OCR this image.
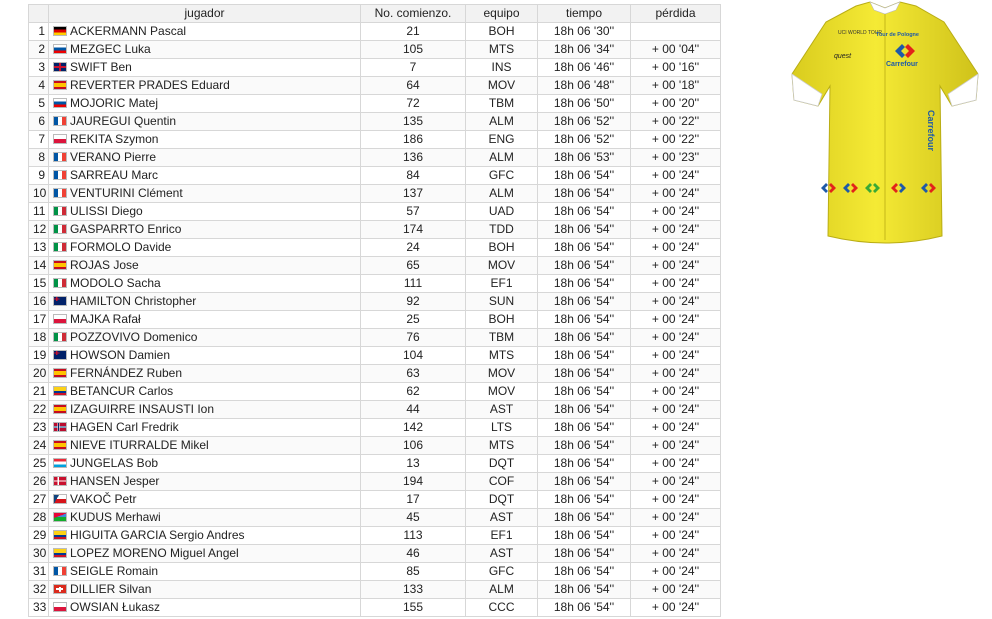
	jugador	No. comienzo.	equipo	tiempo	pérdida
1	ACKERMANN Pascal	21	BOH	18h 06 '30''	
2	MEZGEC Luka	105	MTS	18h 06 '34''	+ 00 '04''
3	SWIFT Ben	7	INS	18h 06 '46''	+ 00 '16''
4	REVERTER PRADES Eduard	64	MOV	18h 06 '48''	+ 00 '18''
5	MOJORIC Matej	72	TBM	18h 06 '50''	+ 00 '20''
6	JAUREGUI Quentin	135	ALM	18h 06 '52''	+ 00 '22''
7	REKITA Szymon	186	ENG	18h 06 '52''	+ 00 '22''
8	VERANO Pierre	136	ALM	18h 06 '53''	+ 00 '23''
9	SARREAU Marc	84	GFC	18h 06 '54''	+ 00 '24''
10	VENTURINI Clément	137	ALM	18h 06 '54''	+ 00 '24''
11	ULISSI Diego	57	UAD	18h 06 '54''	+ 00 '24''
12	GASPARRTO Enrico	174	TDD	18h 06 '54''	+ 00 '24''
13	FORMOLO Davide	24	BOH	18h 06 '54''	+ 00 '24''
14	ROJAS Jose	65	MOV	18h 06 '54''	+ 00 '24''
15	MODOLO Sacha	111	EF1	18h 06 '54''	+ 00 '24''
16	HAMILTON Christopher	92	SUN	18h 06 '54''	+ 00 '24''
17	MAJKA Rafał	25	BOH	18h 06 '54''	+ 00 '24''
18	POZZOVIVO Domenico	76	TBM	18h 06 '54''	+ 00 '24''
19	HOWSON Damien	104	MTS	18h 06 '54''	+ 00 '24''
20	FERNÁNDEZ Ruben	63	MOV	18h 06 '54''	+ 00 '24''
21	BETANCUR Carlos	62	MOV	18h 06 '54''	+ 00 '24''
22	IZAGUIRRE INSAUSTI Ion	44	AST	18h 06 '54''	+ 00 '24''
23	HAGEN Carl Fredrik	142	LTS	18h 06 '54''	+ 00 '24''
24	NIEVE ITURRALDE Mikel	106	MTS	18h 06 '54''	+ 00 '24''
25	JUNGELAS Bob	13	DQT	18h 06 '54''	+ 00 '24''
26	HANSEN Jesper	194	COF	18h 06 '54''	+ 00 '24''
27	VAKOČ Petr	17	DQT	18h 06 '54''	+ 00 '24''
28	KUDUS Merhawi	45	AST	18h 06 '54''	+ 00 '24''
29	HIGUITA GARCIA Sergio Andres	113	EF1	18h 06 '54''	+ 00 '24''
30	LOPEZ MORENO Miguel Angel	46	AST	18h 06 '54''	+ 00 '24''
31	SEIGLE Romain	85	GFC	18h 06 '54''	+ 00 '24''
32	DILLIER Silvan	133	ALM	18h 06 '54''	+ 00 '24''
33	OWSIAN Łukasz	155	CCC	18h 06 '54''	+ 00 '24''
UCI WORLD TOUR
quest
Tour de Pologne
Carrefour
Carrefour
